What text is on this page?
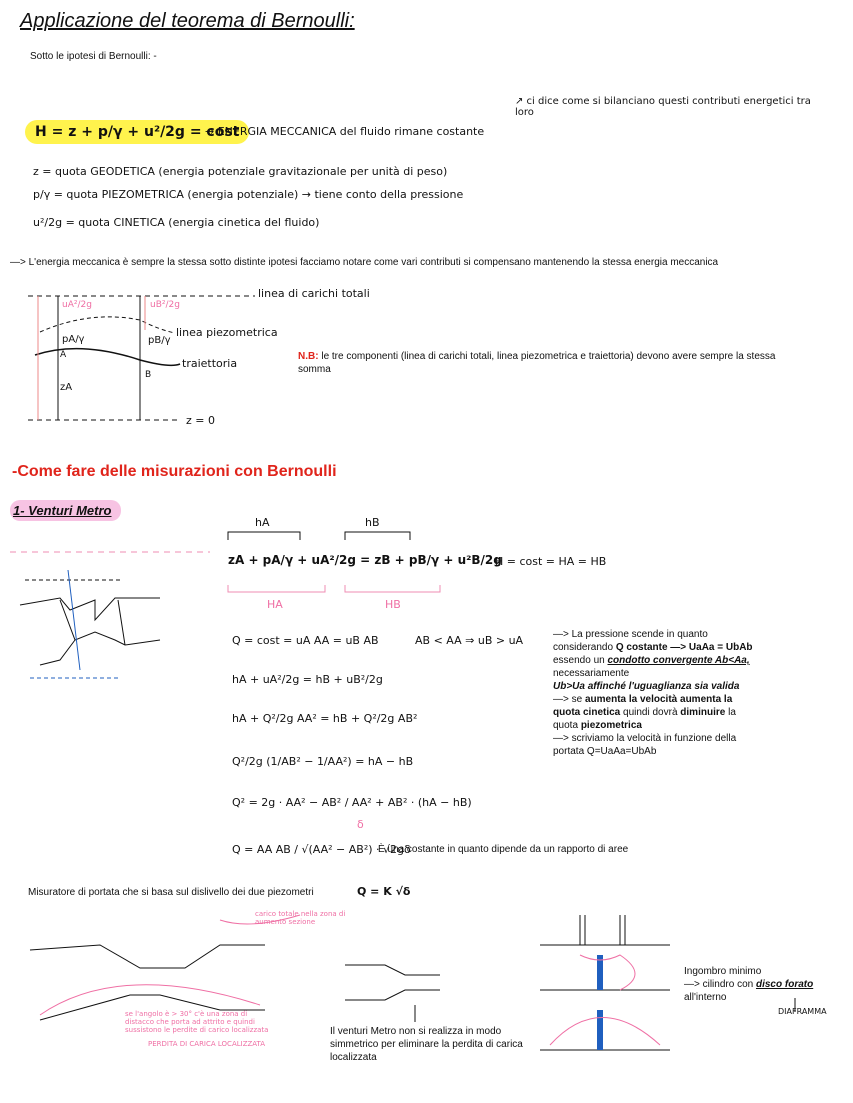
Applicazione del teorema di Bernoulli:
Sotto le ipotesi di Bernoulli: -
H = z + p/γ + u²/2g = cost
→ ENERGIA MECCANICA del fluido rimane costante
↗ ci dice come si bilanciano questi contributi energetici tra loro
z = quota GEODETICA (energia potenziale gravitazionale per unità di peso)
p/γ = quota PIEZOMETRICA (energia potenziale) → tiene conto della pressione
u²/2g = quota CINETICA (energia cinetica del fluido)
—> L'energia meccanica è sempre la stessa sotto distinte ipotesi facciamo notare come vari contributi si compensano mantenendo la stessa energia meccanica
linea di carichi totali
linea piezometrica
traiettoria
z = 0
uA²/2g	uB²/2g
pA/γ	pB/γ
zA
A
B
N.B: le tre componenti (linea di carichi totali, linea piezometrica e traiettoria) devono avere sempre la stessa somma
-Come fare delle misurazioni con Bernoulli
1- Venturi Metro
hA	hB
zA + pA/γ + uA²/2g = zB + pB/γ + u²B/2g
H = cost = HA = HB
HA	HB
Q = cost = uA AA = uB AB	AB < AA ⇒ uB > uA
hA + uA²/2g = hB + uB²/2g
hA + Q²/2g AA² = hB + Q²/2g AB²
Q²/2g (1/AB² − 1/AA²) = hA − hB
Q² = 2g · AA² − AB² / AA² + AB² · (hA − hB)
δ
Q = AA AB / √(AA² − AB²) · √2gδ
È una costante in quanto dipende da un rapporto di aree
—> La pressione scende in quanto
considerando Q costante —> UaAa = UbAb
essendo un condotto convergente Ab<Aa,
necessariamente
Ub>Ua affinché l'uguaglianza sia valida
—> se aumenta la velocità aumenta la
quota cinetica quindi dovrà diminuire la
quota piezometrica
—> scriviamo la velocità in funzione della
portata Q=UaAa=UbAb
Misuratore di portata che si basa sul dislivello dei due piezometri	Q = K √δ
carico totale nella zona di aumento sezione
se l'angolo è > 30° c'è una zona di distacco che porta ad attrito e quindi sussistono le perdite di carico localizzata
PERDITA DI CARICA LOCALIZZATA
Il venturi Metro non si realizza in modo simmetrico per eliminare la perdita di carica localizzata
Ingombro minimo
—> cilindro con disco forato
all'interno
DIAFRAMMA
